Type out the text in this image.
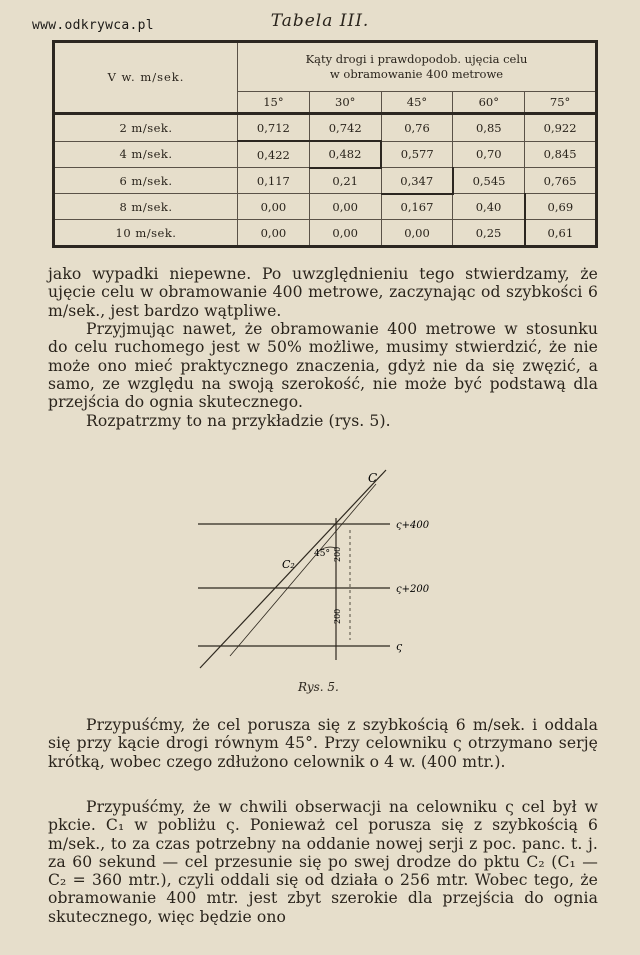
www.odkrywca.pl	Tabela III.
V w. m/sek.	Kąty drogi i prawdopodob. ujęcia celu
w obramowanie 400 metrowe				
	15°	30°	45°	60°	75°
2 m/sek.	0,712	0,742	0,76	0,85	0,922
4 m/sek.	0,422	0,482	0,577	0,70	0,845
6 m/sek.	0,117	0,21	0,347	0,545	0,765
8 m/sek.	0,00	0,00	0,167	0,40	0,69
10 m/sek.	0,00	0,00	0,00	0,25	0,61

jako wypadki niepewne. Po uwzględnieniu tego stwierdzamy, że ujęcie celu w obramowanie 400 metrowe, zaczynając od szybkości 6 m/sek., jest bardzo wątpliwe.

Przyjmując nawet, że obramowanie 400 metrowe w stosunku do celu ruchomego jest w 50% możliwe, musimy stwierdzić, że nie może ono mieć praktycznego znaczenia, gdyż nie da się zwęzić, a samo, ze względu na swoją szerokość, nie może być podstawą dla przejścia do ognia skutecznego.

Rozpatrzmy to na przykładzie (rys. 5).

C
C₂
45°
ς+400
ς+200
ς
200
200
Rys. 5.

Przypuśćmy, że cel porusza się z szybkością 6 m/sek. i oddala się przy kącie drogi równym 45°. Przy celowniku ς otrzymano serję krótką, wobec czego zdłużono celownik o 4 w. (400 mtr.).

Przypuśćmy, że w chwili obserwacji na celowniku ς cel był w pkcie. C₁ w pobliżu ς. Ponieważ cel porusza się z szybkością 6 m/sek., to za czas potrzebny na oddanie nowej serji z poc. panc. t. j. za 60 sekund — cel przesunie się po swej drodze do pktu C₂ (C₁ — C₂ = 360 mtr.), czyli oddali się od działa o 256 mtr. Wobec tego, że obramowanie 400 mtr. jest zbyt szerokie dla przejścia do ognia skutecznego, więc będzie ono
